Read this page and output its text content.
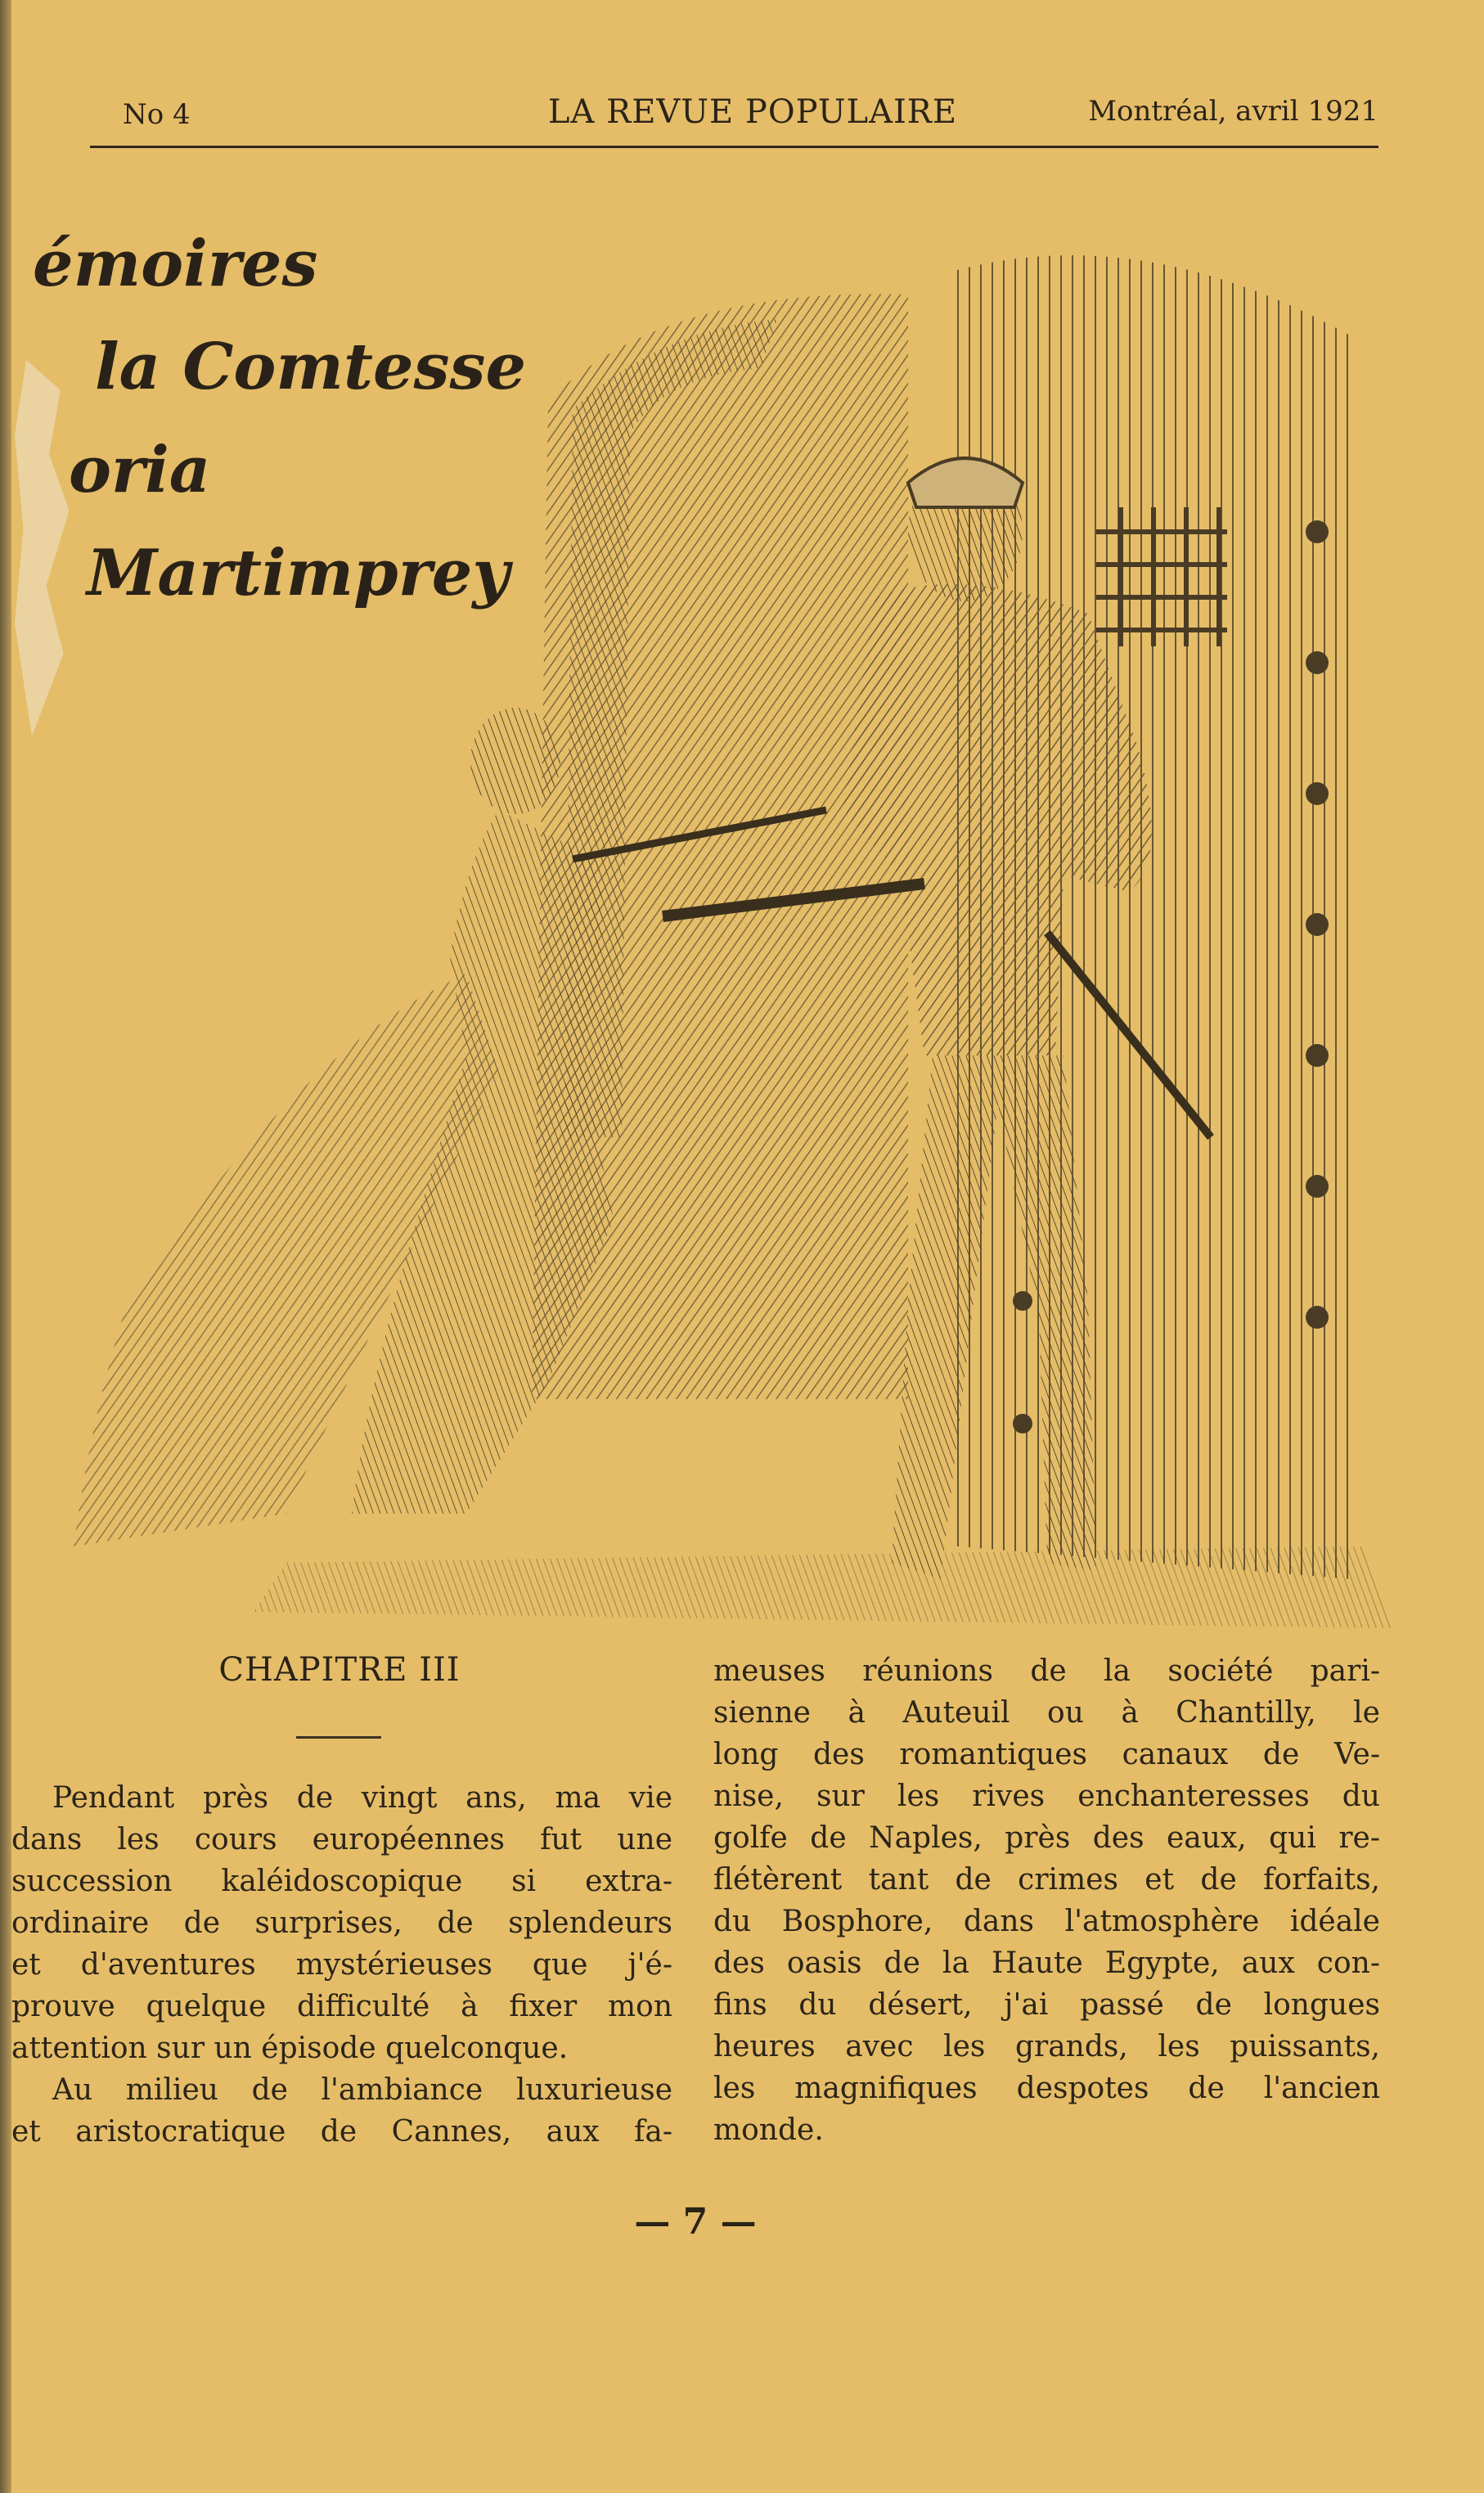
No 4	LA REVUE POPULAIRE	Montréal, avril 1921
émoires
la Comtesse
oria
Martimprey
CHAPITRE III
Pendant près de vingt ans, ma vie
dans les cours européennes fut une
succession kaléidoscopique si extra-
ordinaire de surprises, de splendeurs
et d'aventures mystérieuses que j'é-
prouve quelque difficulté à fixer mon
attention sur un épisode quelconque.
Au milieu de l'ambiance luxurieuse
et aristocratique de Cannes, aux fa-
meuses réunions de la société pari-
sienne à Auteuil ou à Chantilly, le
long des romantiques canaux de Ve-
nise, sur les rives enchanteresses du
golfe de Naples, près des eaux, qui re-
flétèrent tant de crimes et de forfaits,
du Bosphore, dans l'atmosphère idéale
des oasis de la Haute Egypte, aux con-
fins du désert, j'ai passé de longues
heures avec les grands, les puissants,
les magnifiques despotes de l'ancien
monde.
— 7 —
